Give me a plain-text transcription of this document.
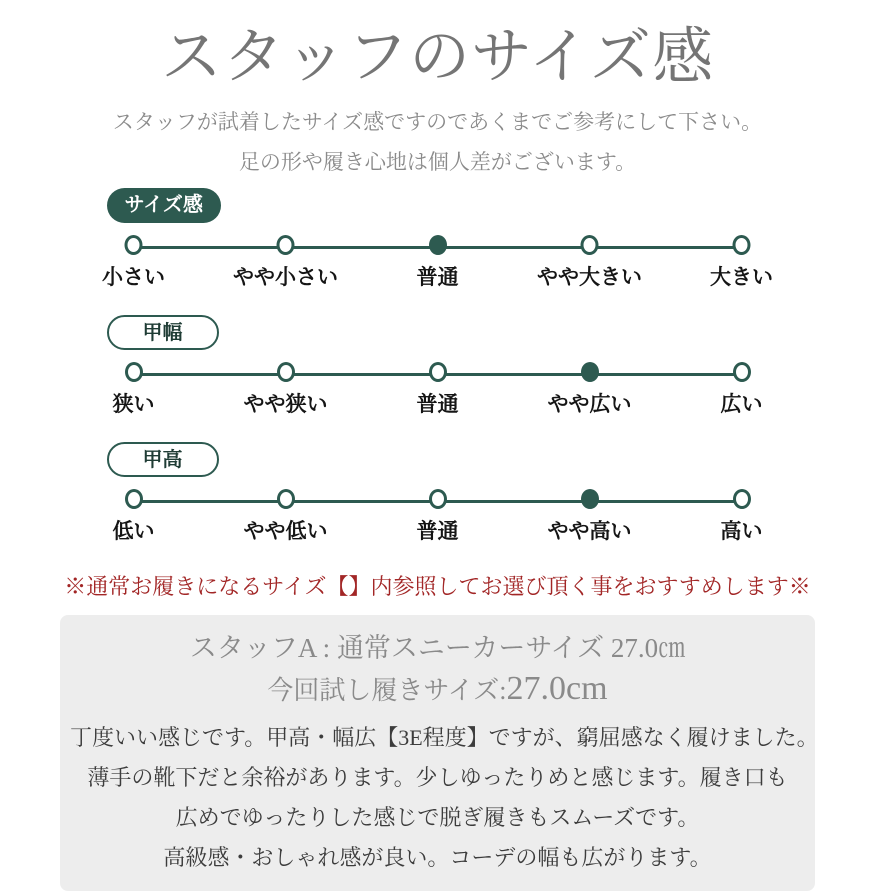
スタッフのサイズ感

スタッフが試着したサイズ感ですのであくまでご参考にして下さい。

足の形や履き心地は個人差がございます。

サイズ感
小さい	やや小さい	普通	やや大きい	大きい
甲幅
狭い	やや狭い	普通	やや広い	広い
甲高
低い	やや低い	普通	やや高い	高い

※通常お履きになるサイズ【】内参照してお選び頂く事をおすすめします※

スタッフA : 通常スニーカーサイズ 27.0㎝
今回試し履きサイズ:27.0cm
丁度いい感じです。甲高・幅広【3E程度】ですが、窮屈感なく履けました。
薄手の靴下だと余裕があります。少しゆったりめと感じます。履き口も
広めでゆったりした感じで脱ぎ履きもスムーズです。
高級感・おしゃれ感が良い。コーデの幅も広がります。
